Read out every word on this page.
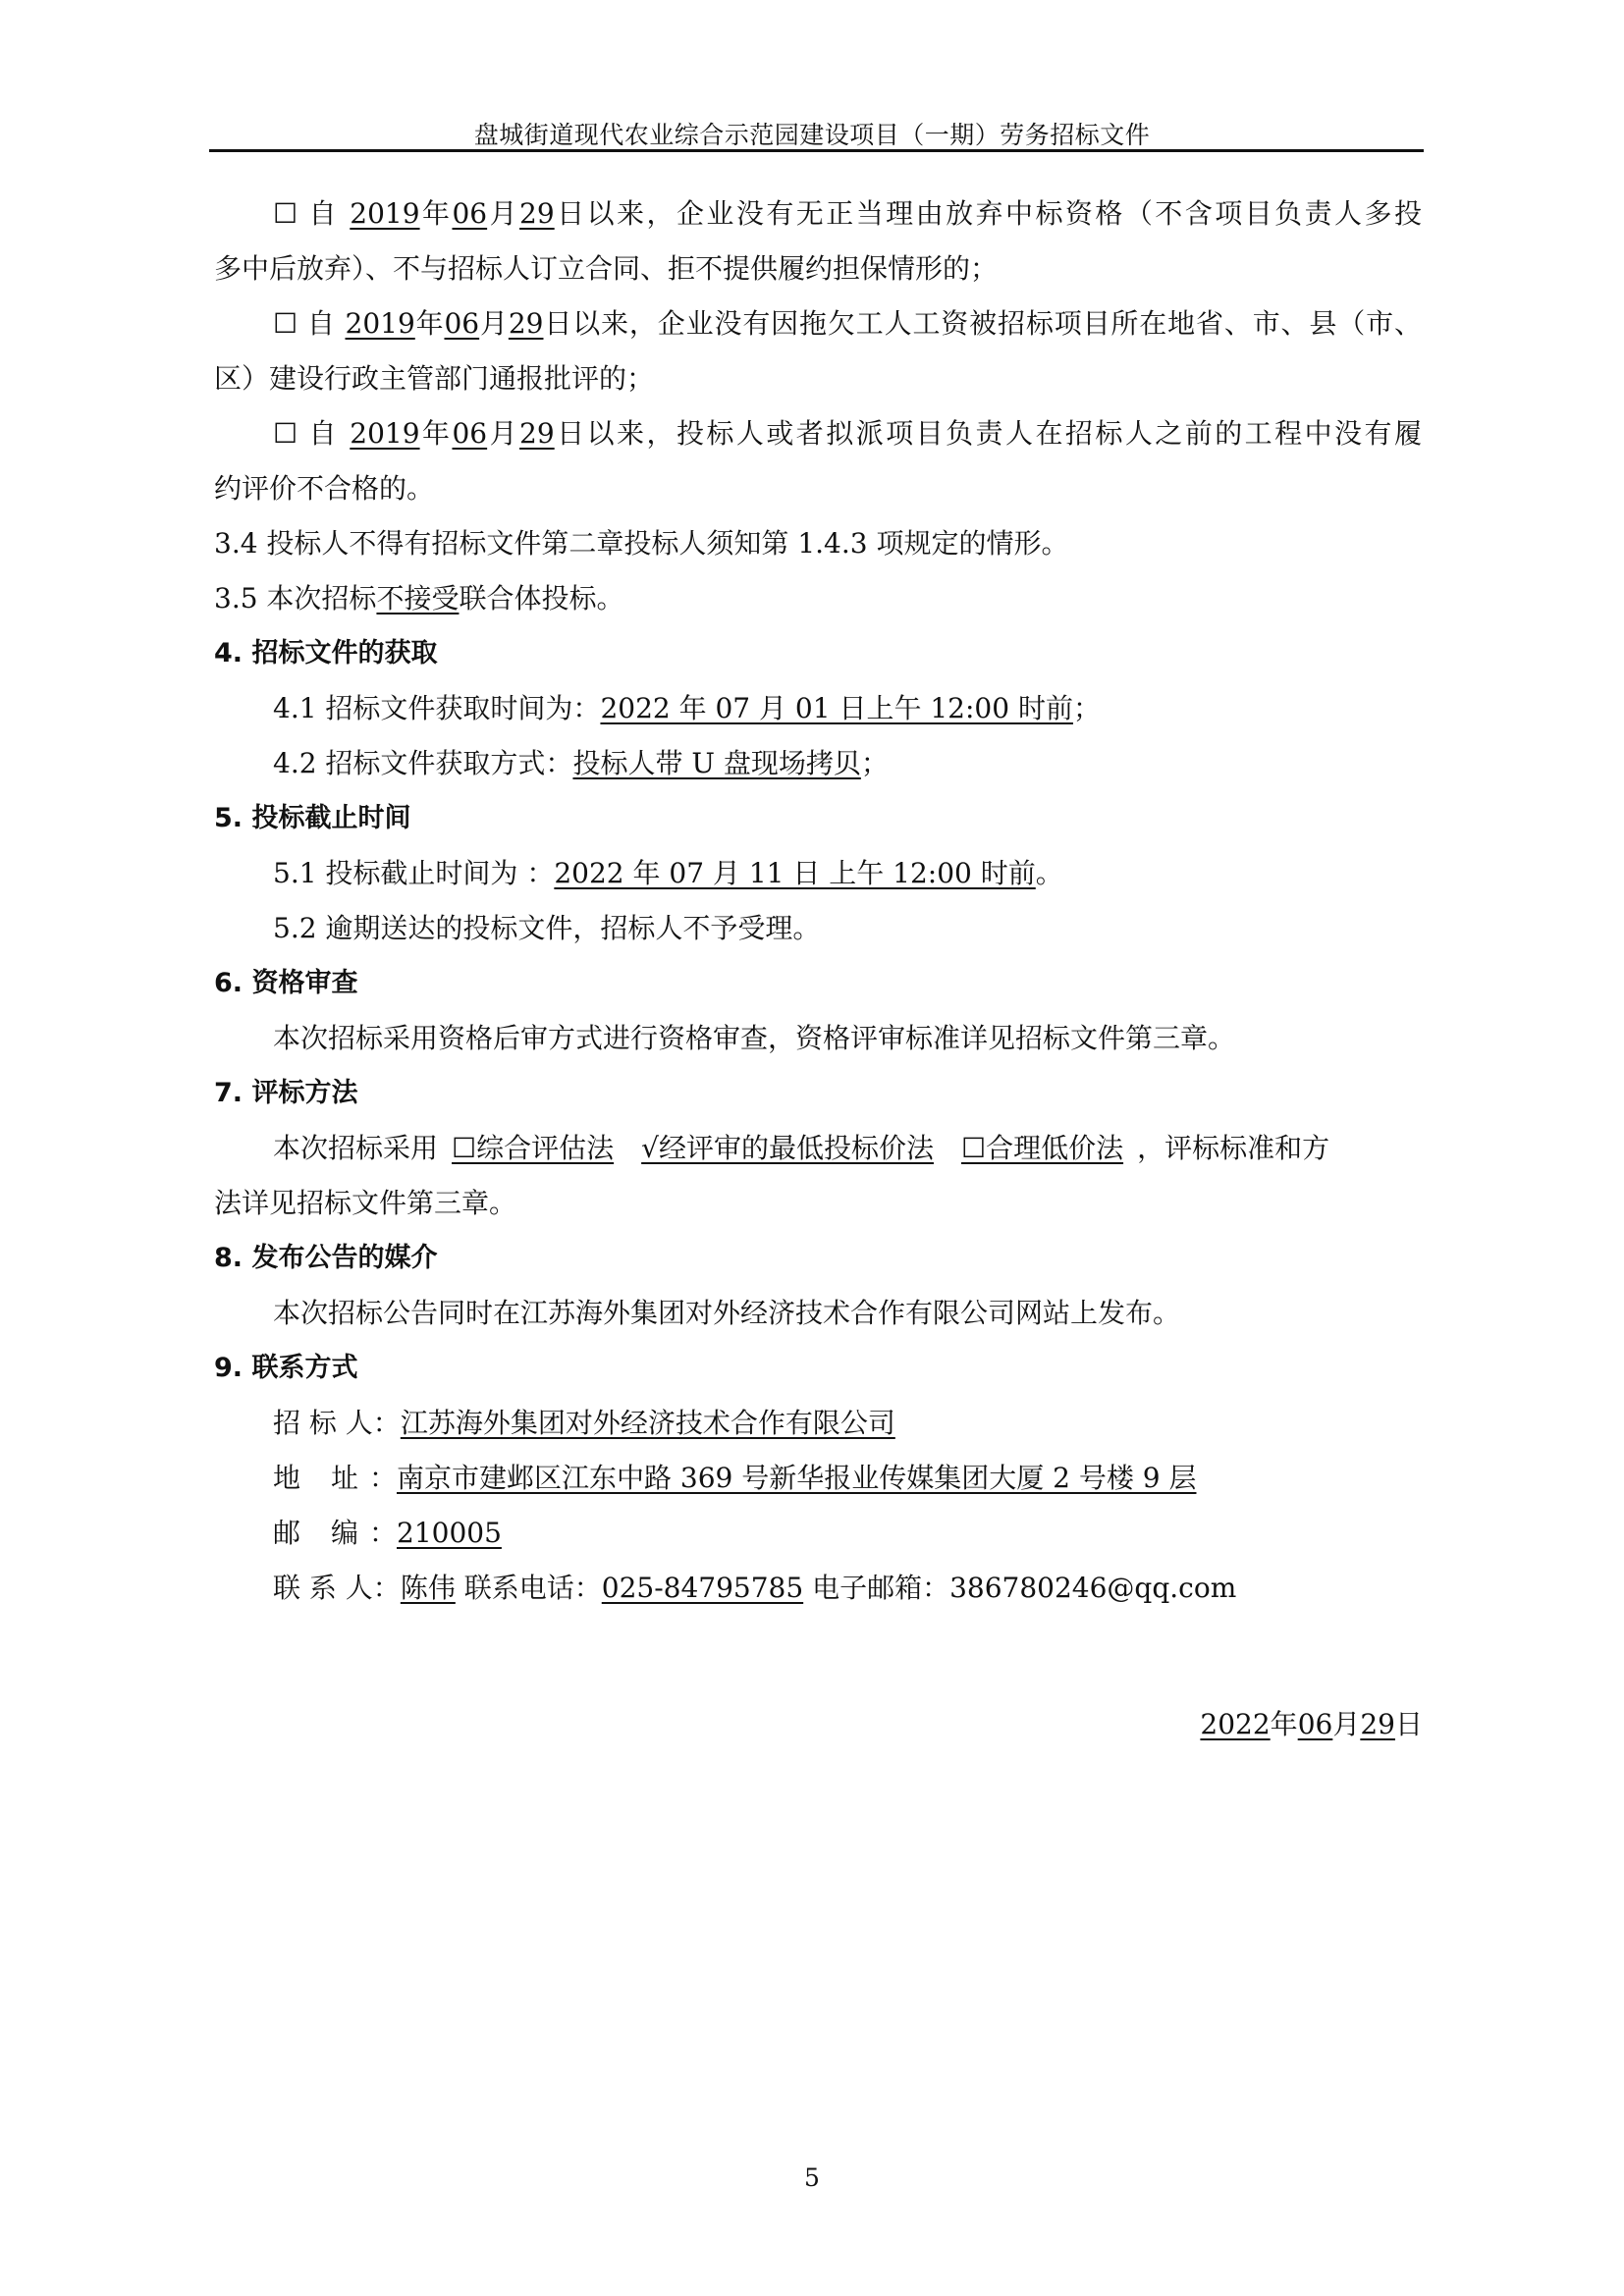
盘城街道现代农业综合示范园建设项目（一期）劳务招标文件
☐ 自 2019年06月29日以来，企业没有无正当理由放弃中标资格（不含项目负责人多投
多中后放弃）、不与招标人订立合同、拒不提供履约担保情形的；
☐ 自 2019年06月29日以来，企业没有因拖欠工人工资被招标项目所在地省、市、县（市、
区）建设行政主管部门通报批评的；
☐ 自 2019年06月29日以来，投标人或者拟派项目负责人在招标人之前的工程中没有履
约评价不合格的。
3.4 投标人不得有招标文件第二章投标人须知第 1.4.3 项规定的情形。
3.5 本次招标不接受联合体投标。
4. 招标文件的获取
4.1 招标文件获取时间为：2022 年 07 月 01 日上午 12:00 时前；
4.2 招标文件获取方式：投标人带 U 盘现场拷贝；
5. 投标截止时间
5.1 投标截止时间为 ：2022 年 07 月 11 日 上午 12:00 时前。
5.2 逾期送达的投标文件，招标人不予受理。
6. 资格审查
本次招标采用资格后审方式进行资格审查，资格评审标准详见招标文件第三章。
7. 评标方法
本次招标采用 ☐综合评估法 √经评审的最低投标价法 ☐合理低价法 ，评标标准和方
法详见招标文件第三章。
8. 发布公告的媒介
本次招标公告同时在江苏海外集团对外经济技术合作有限公司网站上发布。
9. 联系方式
招 标 人：江苏海外集团对外经济技术合作有限公司
地 址：南京市建邺区江东中路 369 号新华报业传媒集团大厦 2 号楼 9 层
邮 编：210005
联 系 人：陈伟 联系电话：025-84795785 电子邮箱：386780246@qq.com
2022年06月29日
5
